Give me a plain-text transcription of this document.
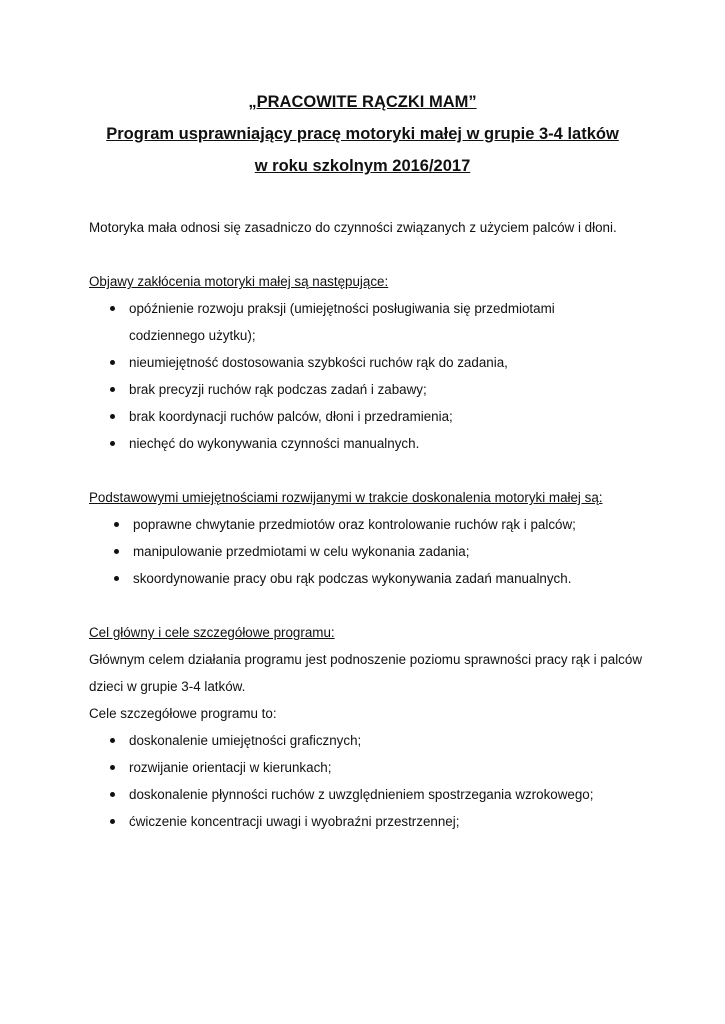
„PRACOWITE RĄCZKI MAM”
Program usprawniający pracę motoryki małej w grupie 3-4 latków
w roku szkolnym 2016/2017

Motoryka mała odnosi się zasadniczo do czynności związanych z użyciem palców i dłoni.

Objawy zakłócenia motoryki małej są następujące:

opóźnienie rozwoju praksji (umiejętności posługiwania się przedmiotami codziennego użytku);
nieumiejętność dostosowania szybkości ruchów rąk do zadania,
brak precyzji ruchów rąk podczas zadań i zabawy;
brak koordynacji ruchów palców, dłoni i przedramienia;
niechęć do wykonywania czynności manualnych.

Podstawowymi umiejętnościami rozwijanymi w trakcie doskonalenia motoryki małej są:

poprawne chwytanie przedmiotów oraz kontrolowanie ruchów rąk i palców;
manipulowanie przedmiotami w celu wykonania zadania;
skoordynowanie pracy obu rąk podczas wykonywania zadań manualnych.

Cel główny i cele szczegółowe programu:

Głównym celem działania programu jest podnoszenie poziomu sprawności pracy rąk i palców

dzieci w grupie 3-4 latków.

Cele szczegółowe programu to:

doskonalenie umiejętności graficznych;
rozwijanie orientacji w kierunkach;
doskonalenie płynności ruchów z uwzględnieniem spostrzegania wzrokowego;
ćwiczenie koncentracji uwagi i wyobraźni przestrzennej;
